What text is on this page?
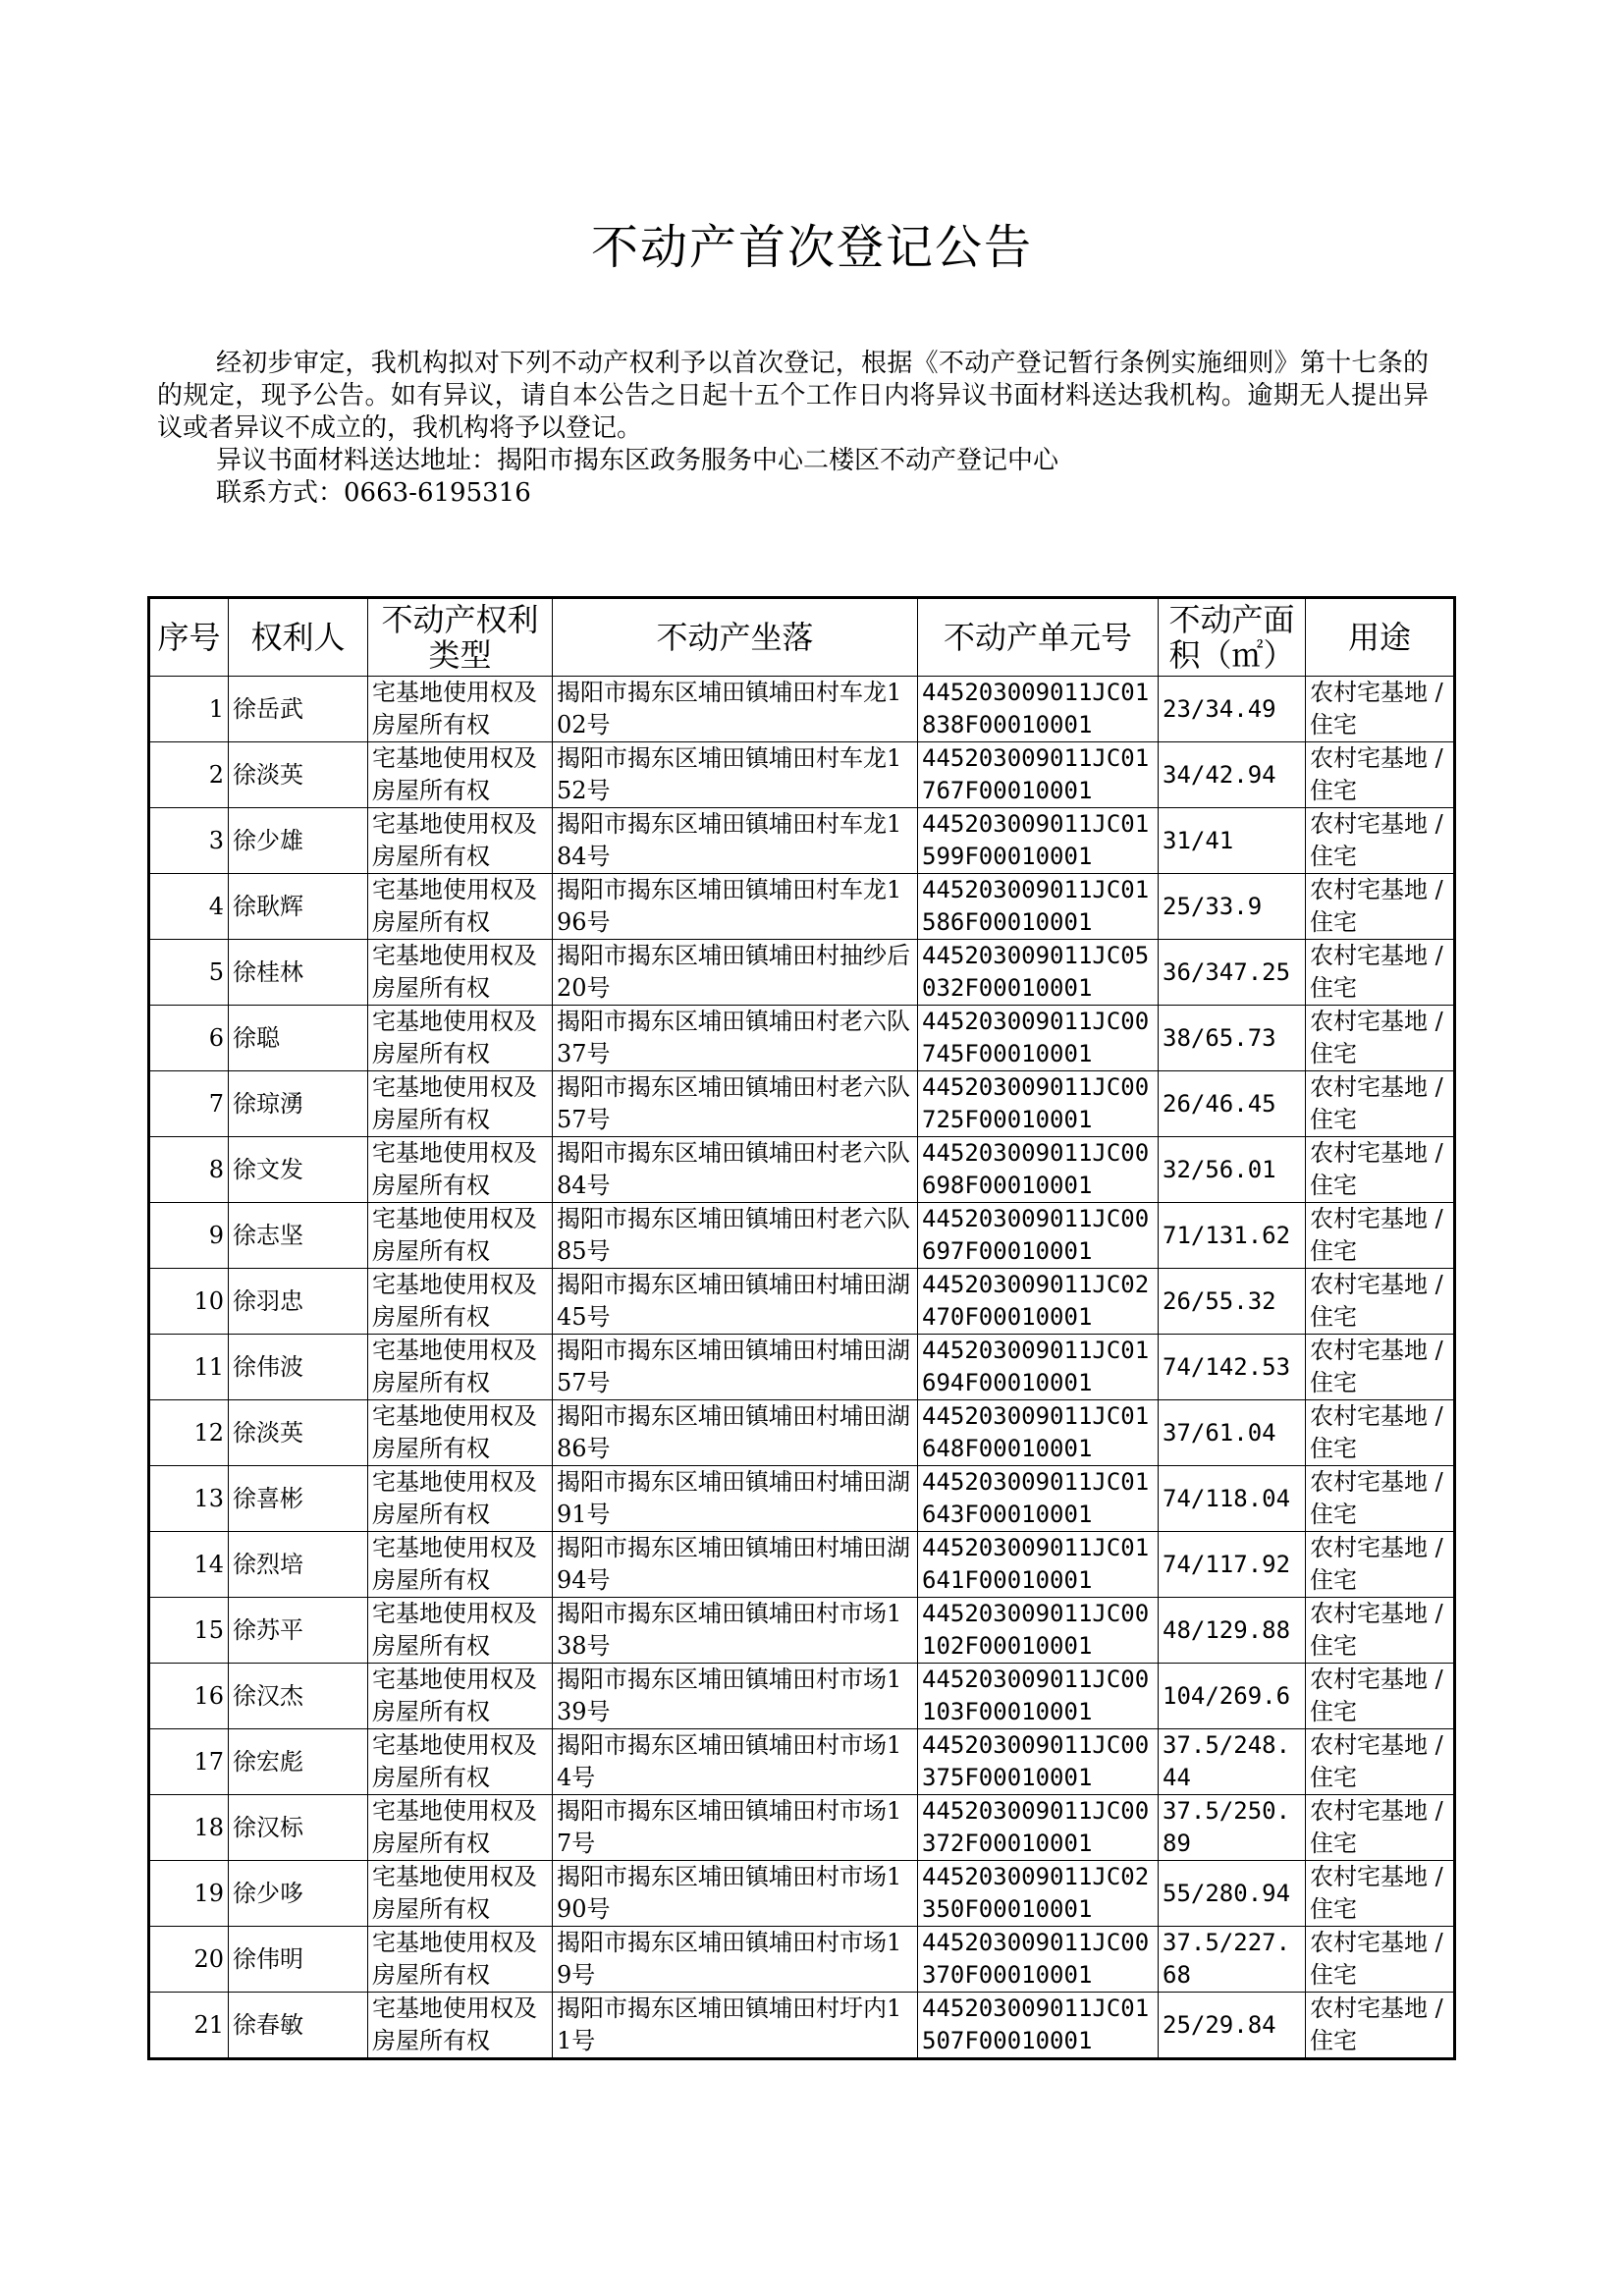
不动产首次登记公告

经初步审定，我机构拟对下列不动产权利予以首次登记，根据《不动产登记暂行条例实施细则》第十七条的的规定，现予公告。如有异议，请自本公告之日起十五个工作日内将异议书面材料送达我机构。逾期无人提出异议或者异议不成立的，我机构将予以登记。

异议书面材料送达地址：揭阳市揭东区政务服务中心二楼区不动产登记中心

联系方式：0663-6195316

序号	权利人	不动产权利类型	不动产坐落	不动产单元号	不动产面积（㎡）	用途
1	徐岳武	宅基地使用权及房屋所有权	揭阳市揭东区埔田镇埔田村车龙102号	445203009011JC01838F00010001	23/34.49	农村宅基地 / 住宅
2	徐淡英	宅基地使用权及房屋所有权	揭阳市揭东区埔田镇埔田村车龙152号	445203009011JC01767F00010001	34/42.94	农村宅基地 / 住宅
3	徐少雄	宅基地使用权及房屋所有权	揭阳市揭东区埔田镇埔田村车龙184号	445203009011JC01599F00010001	31/41	农村宅基地 / 住宅
4	徐耿辉	宅基地使用权及房屋所有权	揭阳市揭东区埔田镇埔田村车龙196号	445203009011JC01586F00010001	25/33.9	农村宅基地 / 住宅
5	徐桂林	宅基地使用权及房屋所有权	揭阳市揭东区埔田镇埔田村抽纱后20号	445203009011JC05032F00010001	36/347.25	农村宅基地 / 住宅
6	徐聪	宅基地使用权及房屋所有权	揭阳市揭东区埔田镇埔田村老六队37号	445203009011JC00745F00010001	38/65.73	农村宅基地 / 住宅
7	徐琼湧	宅基地使用权及房屋所有权	揭阳市揭东区埔田镇埔田村老六队57号	445203009011JC00725F00010001	26/46.45	农村宅基地 / 住宅
8	徐文发	宅基地使用权及房屋所有权	揭阳市揭东区埔田镇埔田村老六队84号	445203009011JC00698F00010001	32/56.01	农村宅基地 / 住宅
9	徐志坚	宅基地使用权及房屋所有权	揭阳市揭东区埔田镇埔田村老六队85号	445203009011JC00697F00010001	71/131.62	农村宅基地 / 住宅
10	徐羽忠	宅基地使用权及房屋所有权	揭阳市揭东区埔田镇埔田村埔田湖45号	445203009011JC02470F00010001	26/55.32	农村宅基地 / 住宅
11	徐伟波	宅基地使用权及房屋所有权	揭阳市揭东区埔田镇埔田村埔田湖57号	445203009011JC01694F00010001	74/142.53	农村宅基地 / 住宅
12	徐淡英	宅基地使用权及房屋所有权	揭阳市揭东区埔田镇埔田村埔田湖86号	445203009011JC01648F00010001	37/61.04	农村宅基地 / 住宅
13	徐喜彬	宅基地使用权及房屋所有权	揭阳市揭东区埔田镇埔田村埔田湖91号	445203009011JC01643F00010001	74/118.04	农村宅基地 / 住宅
14	徐烈培	宅基地使用权及房屋所有权	揭阳市揭东区埔田镇埔田村埔田湖94号	445203009011JC01641F00010001	74/117.92	农村宅基地 / 住宅
15	徐苏平	宅基地使用权及房屋所有权	揭阳市揭东区埔田镇埔田村市场138号	445203009011JC00102F00010001	48/129.88	农村宅基地 / 住宅
16	徐汉杰	宅基地使用权及房屋所有权	揭阳市揭东区埔田镇埔田村市场139号	445203009011JC00103F00010001	104/269.6	农村宅基地 / 住宅
17	徐宏彪	宅基地使用权及房屋所有权	揭阳市揭东区埔田镇埔田村市场14号	445203009011JC00375F00010001	37.5/248.44	农村宅基地 / 住宅
18	徐汉标	宅基地使用权及房屋所有权	揭阳市揭东区埔田镇埔田村市场17号	445203009011JC00372F00010001	37.5/250.89	农村宅基地 / 住宅
19	徐少哆	宅基地使用权及房屋所有权	揭阳市揭东区埔田镇埔田村市场190号	445203009011JC02350F00010001	55/280.94	农村宅基地 / 住宅
20	徐伟明	宅基地使用权及房屋所有权	揭阳市揭东区埔田镇埔田村市场19号	445203009011JC00370F00010001	37.5/227.68	农村宅基地 / 住宅
21	徐春敏	宅基地使用权及房屋所有权	揭阳市揭东区埔田镇埔田村圩内11号	445203009011JC01507F00010001	25/29.84	农村宅基地 / 住宅
